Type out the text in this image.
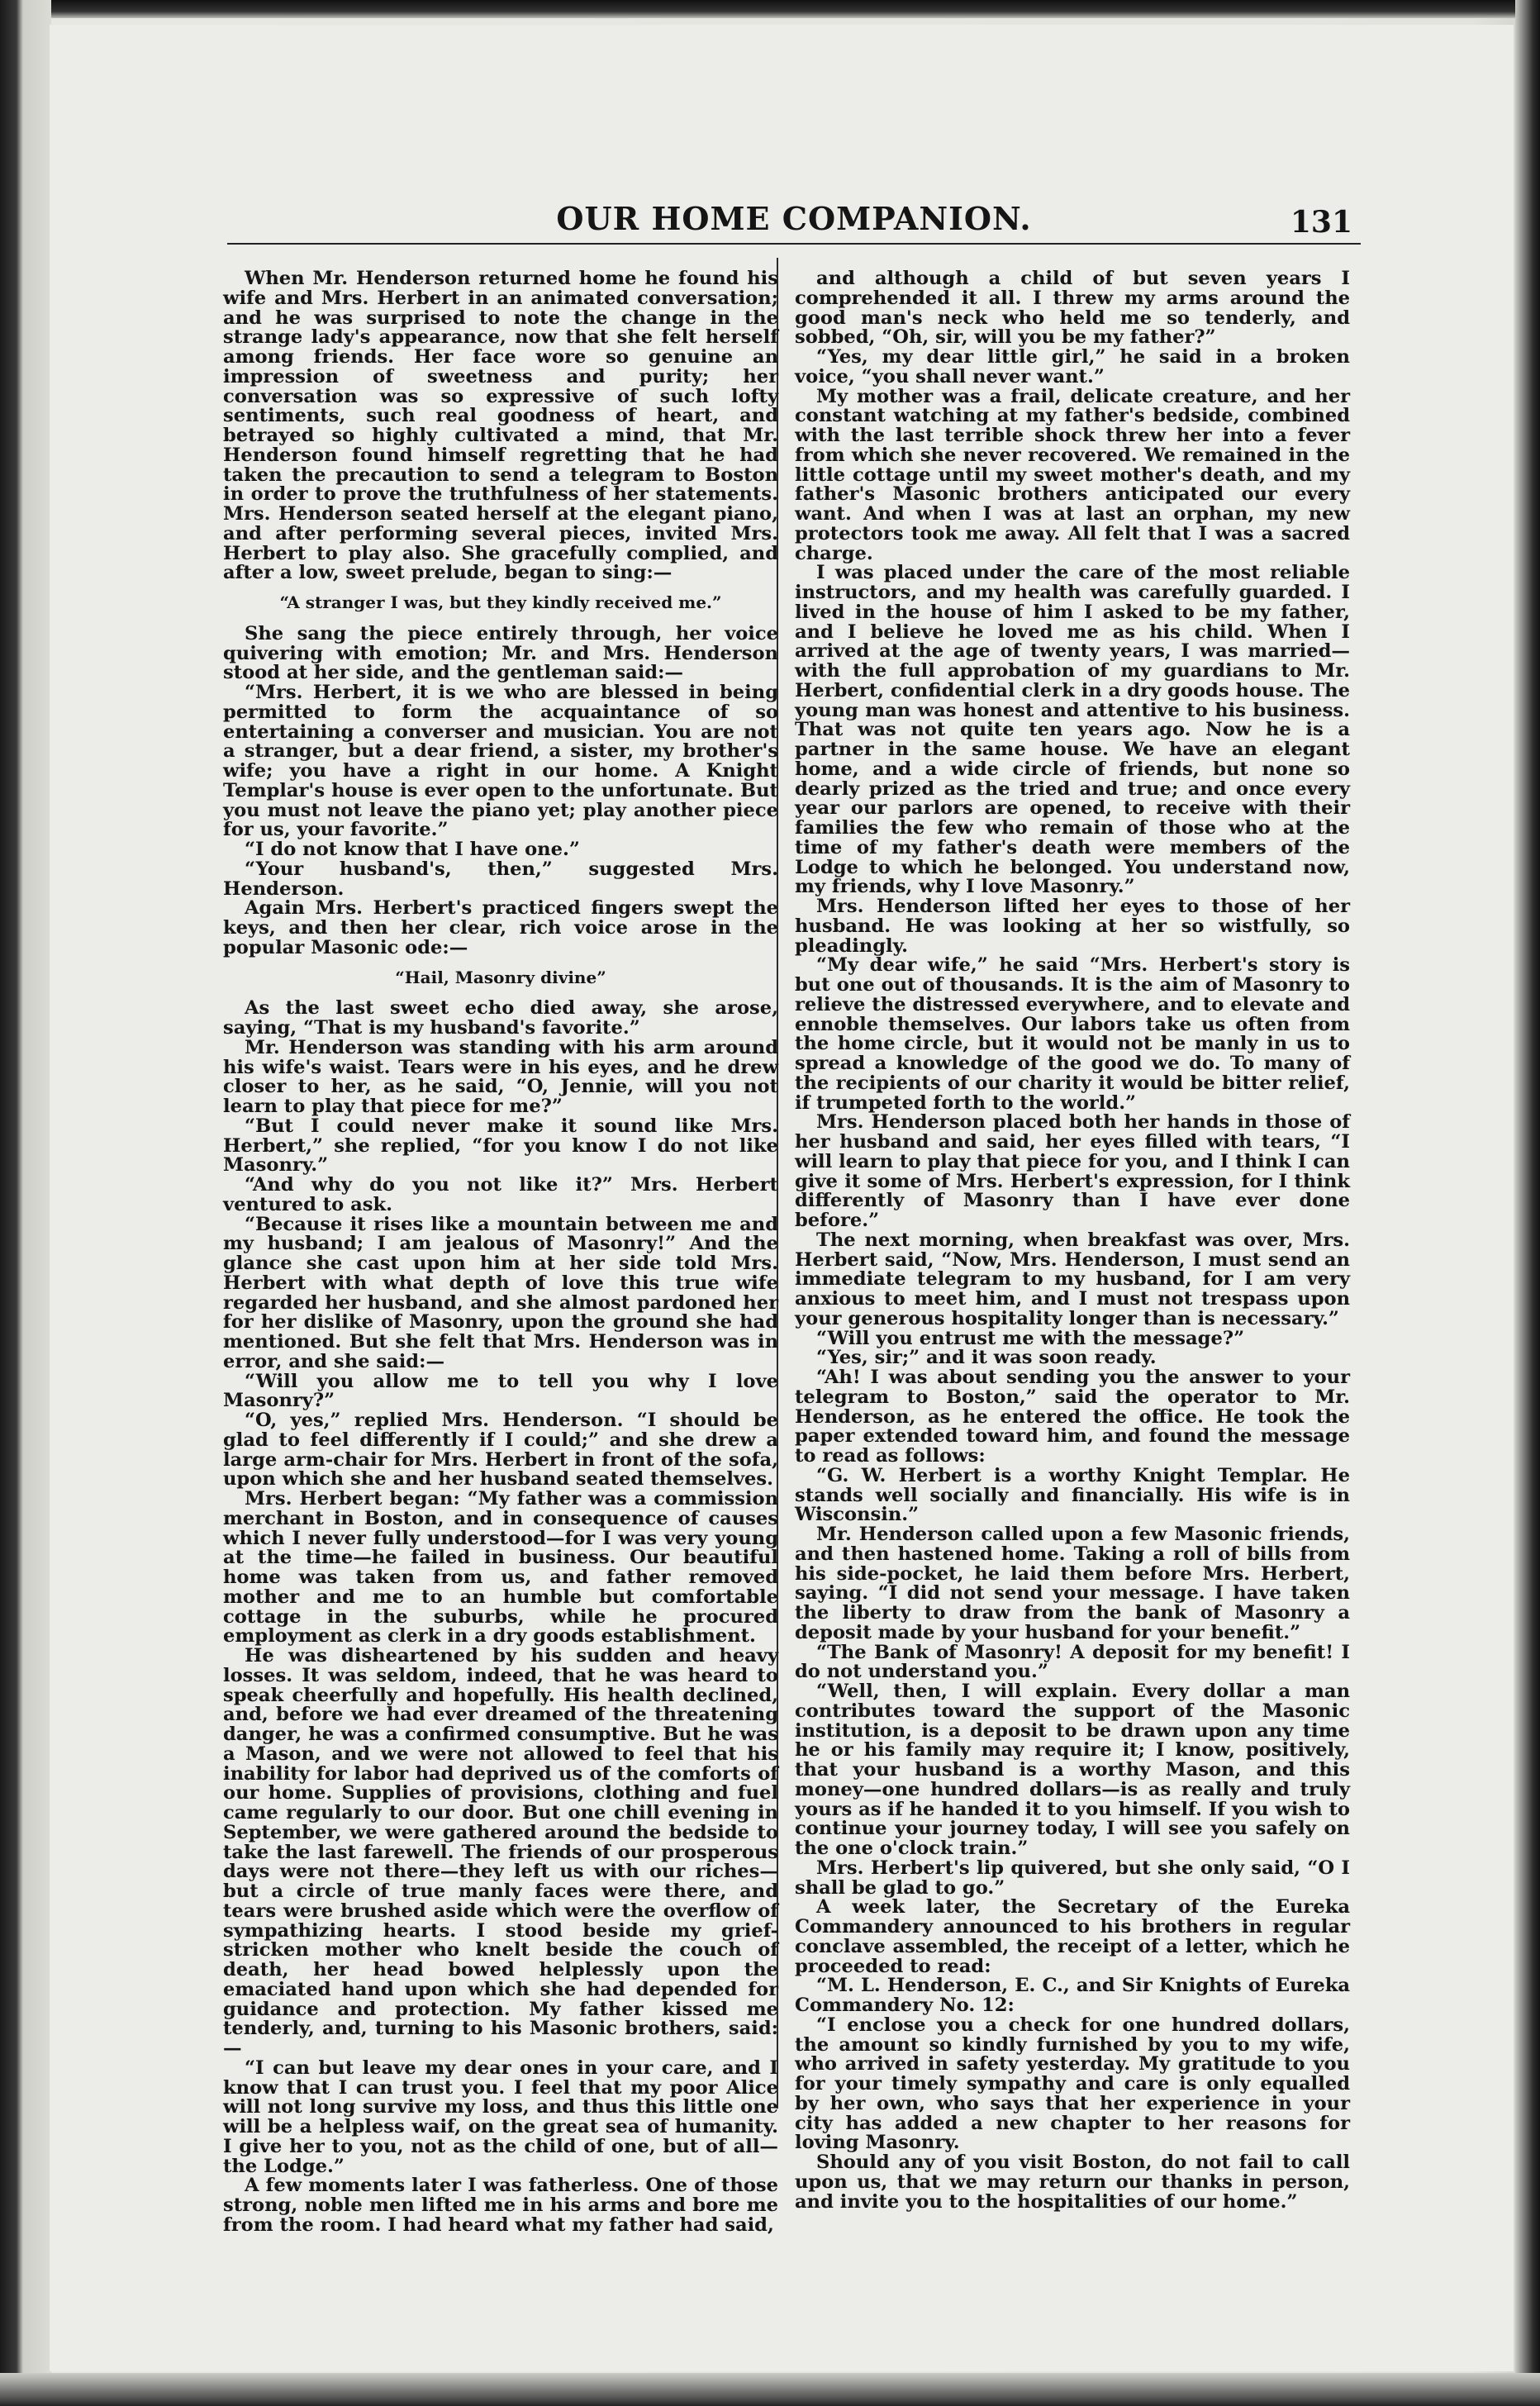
OUR HOME COMPANION.	131

When Mr. Henderson returned home he found his wife and Mrs. Herbert in an animated conversation; and he was surprised to note the change in the strange lady's appearance, now that she felt herself among friends. Her face wore so genuine an impression of sweetness and purity; her conversation was so expressive of such lofty sentiments, such real goodness of heart, and betrayed so highly cultivated a mind, that Mr. Henderson found himself regretting that he had taken the precaution to send a telegram to Boston in order to prove the truthfulness of her statements. Mrs. Henderson seated herself at the elegant piano, and after performing several pieces, invited Mrs. Herbert to play also. She gracefully complied, and after a low, sweet prelude, began to sing:—

“A stranger I was, but they kindly received me.”

She sang the piece entirely through, her voice quivering with emotion; Mr. and Mrs. Henderson stood at her side, and the gentleman said:—

“Mrs. Herbert, it is we who are blessed in being permitted to form the acquaintance of so entertaining a converser and musician. You are not a stranger, but a dear friend, a sister, my brother's wife; you have a right in our home. A Knight Templar's house is ever open to the unfortunate. But you must not leave the piano yet; play another piece for us, your favorite.”

“I do not know that I have one.”

“Your husband's, then,” suggested Mrs. Henderson.

Again Mrs. Herbert's practiced fingers swept the keys, and then her clear, rich voice arose in the popular Masonic ode:—

“Hail, Masonry divine”

As the last sweet echo died away, she arose, saying, “That is my husband's favorite.”

Mr. Henderson was standing with his arm around his wife's waist. Tears were in his eyes, and he drew closer to her, as he said, “O, Jennie, will you not learn to play that piece for me?”

“But I could never make it sound like Mrs. Herbert,” she replied, “for you know I do not like Masonry.”

“And why do you not like it?” Mrs. Herbert ventured to ask.

“Because it rises like a mountain between me and my husband; I am jealous of Masonry!” And the glance she cast upon him at her side told Mrs. Herbert with what depth of love this true wife regarded her husband, and she almost pardoned her for her dislike of Masonry, upon the ground she had mentioned. But she felt that Mrs. Henderson was in error, and she said:—

“Will you allow me to tell you why I love Masonry?”

“O, yes,” replied Mrs. Henderson. “I should be glad to feel differently if I could;” and she drew a large arm-chair for Mrs. Herbert in front of the sofa, upon which she and her husband seated themselves.

Mrs. Herbert began: “My father was a commission merchant in Boston, and in consequence of causes which I never fully understood—for I was very young at the time—he failed in business. Our beautiful home was taken from us, and father removed mother and me to an humble but comfortable cottage in the suburbs, while he procured employment as clerk in a dry goods establishment.

He was disheartened by his sudden and heavy losses. It was seldom, indeed, that he was heard to speak cheerfully and hopefully. His health declined, and, before we had ever dreamed of the threatening danger, he was a confirmed consumptive. But he was a Mason, and we were not allowed to feel that his inability for labor had deprived us of the comforts of our home. Supplies of provisions, clothing and fuel came regularly to our door. But one chill evening in September, we were gathered around the bedside to take the last farewell. The friends of our prosperous days were not there—they left us with our riches—but a circle of true manly faces were there, and tears were brushed aside which were the overflow of sympathizing hearts. I stood beside my grief-stricken mother who knelt beside the couch of death, her head bowed helplessly upon the emaciated hand upon which she had depended for guidance and protection. My father kissed me tenderly, and, turning to his Masonic brothers, said:—

“I can but leave my dear ones in your care, and I know that I can trust you. I feel that my poor Alice will not long survive my loss, and thus this little one will be a helpless waif, on the great sea of humanity. I give her to you, not as the child of one, but of all—the Lodge.”

A few moments later I was fatherless. One of those strong, noble men lifted me in his arms and bore me from the room. I had heard what my father had said,

and although a child of but seven years I comprehended it all. I threw my arms around the good man's neck who held me so tenderly, and sobbed, “Oh, sir, will you be my father?”

“Yes, my dear little girl,” he said in a broken voice, “you shall never want.”

My mother was a frail, delicate creature, and her constant watching at my father's bedside, combined with the last terrible shock threw her into a fever from which she never recovered. We remained in the little cottage until my sweet mother's death, and my father's Masonic brothers anticipated our every want. And when I was at last an orphan, my new protectors took me away. All felt that I was a sacred charge.

I was placed under the care of the most reliable instructors, and my health was carefully guarded. I lived in the house of him I asked to be my father, and I believe he loved me as his child. When I arrived at the age of twenty years, I was married—with the full approbation of my guardians to Mr. Herbert, confidential clerk in a dry goods house. The young man was honest and attentive to his business. That was not quite ten years ago. Now he is a partner in the same house. We have an elegant home, and a wide circle of friends, but none so dearly prized as the tried and true; and once every year our parlors are opened, to receive with their families the few who remain of those who at the time of my father's death were members of the Lodge to which he belonged. You understand now, my friends, why I love Masonry.”

Mrs. Henderson lifted her eyes to those of her husband. He was looking at her so wistfully, so pleadingly.

“My dear wife,” he said “Mrs. Herbert's story is but one out of thousands. It is the aim of Masonry to relieve the distressed everywhere, and to elevate and ennoble themselves. Our labors take us often from the home circle, but it would not be manly in us to spread a knowledge of the good we do. To many of the recipients of our charity it would be bitter relief, if trumpeted forth to the world.”

Mrs. Henderson placed both her hands in those of her husband and said, her eyes filled with tears, “I will learn to play that piece for you, and I think I can give it some of Mrs. Herbert's expression, for I think differently of Masonry than I have ever done before.”

The next morning, when breakfast was over, Mrs. Herbert said, “Now, Mrs. Henderson, I must send an immediate telegram to my husband, for I am very anxious to meet him, and I must not trespass upon your generous hospitality longer than is necessary.”

“Will you entrust me with the message?”

“Yes, sir;” and it was soon ready.

“Ah! I was about sending you the answer to your telegram to Boston,” said the operator to Mr. Henderson, as he entered the office. He took the paper extended toward him, and found the message to read as follows:

“G. W. Herbert is a worthy Knight Templar. He stands well socially and financially. His wife is in Wisconsin.”

Mr. Henderson called upon a few Masonic friends, and then hastened home. Taking a roll of bills from his side-pocket, he laid them before Mrs. Herbert, saying. “I did not send your message. I have taken the liberty to draw from the bank of Masonry a deposit made by your husband for your benefit.”

“The Bank of Masonry! A deposit for my benefit! I do not understand you.”

“Well, then, I will explain. Every dollar a man contributes toward the support of the Masonic institution, is a deposit to be drawn upon any time he or his family may require it; I know, positively, that your husband is a worthy Mason, and this money—one hundred dollars—is as really and truly yours as if he handed it to you himself. If you wish to continue your journey today, I will see you safely on the one o'clock train.”

Mrs. Herbert's lip quivered, but she only said, “O I shall be glad to go.”

A week later, the Secretary of the Eureka Commandery announced to his brothers in regular conclave assembled, the receipt of a letter, which he proceeded to read:

“M. L. Henderson, E. C., and Sir Knights of Eureka Commandery No. 12:

“I enclose you a check for one hundred dollars, the amount so kindly furnished by you to my wife, who arrived in safety yesterday. My gratitude to you for your timely sympathy and care is only equalled by her own, who says that her experience in your city has added a new chapter to her reasons for loving Masonry.

Should any of you visit Boston, do not fail to call upon us, that we may return our thanks in person, and invite you to the hospitalities of our home.”
